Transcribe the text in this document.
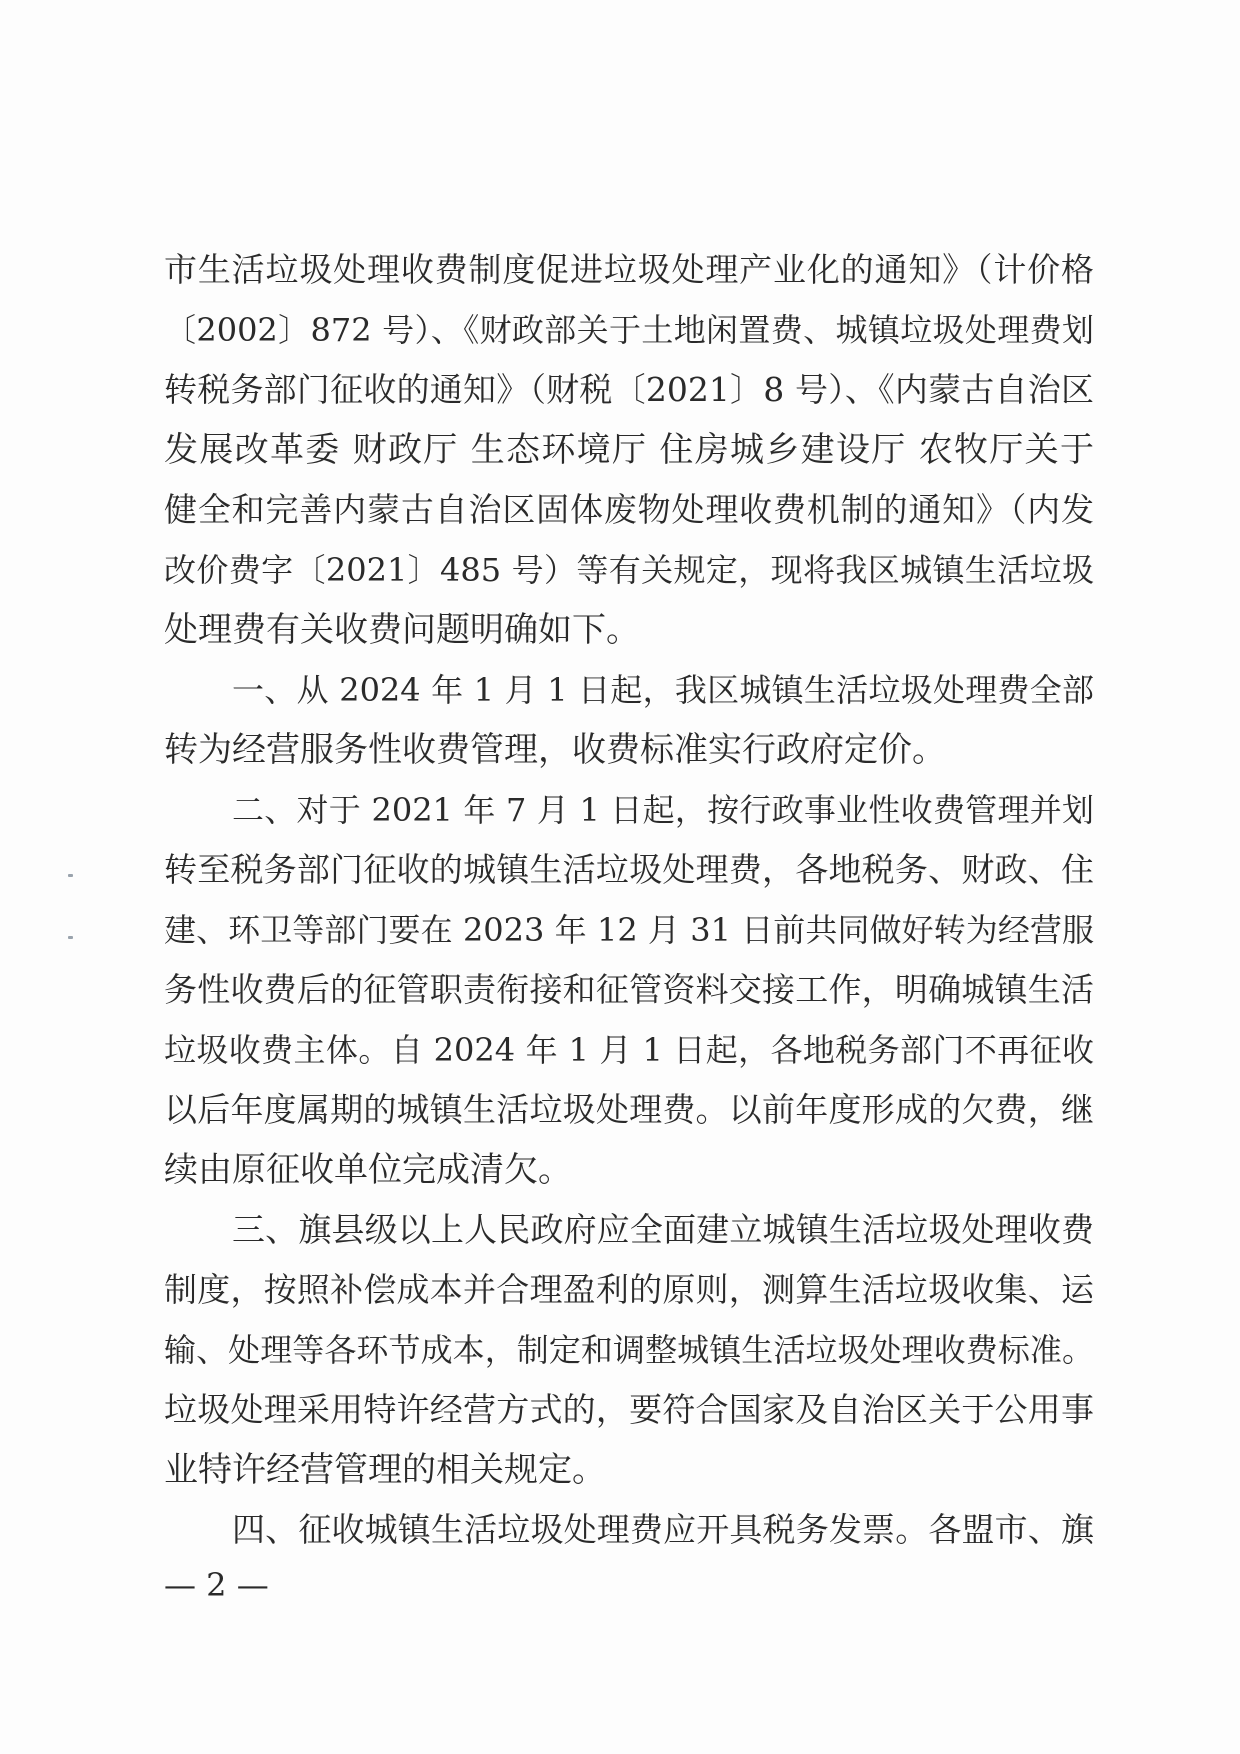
市生活垃圾处理收费制度促进垃圾处理产业化的通知》（计价格
〔2002〕872 号）、《财政部关于土地闲置费、城镇垃圾处理费划
转税务部门征收的通知》（财税〔2021〕8 号）、《内蒙古自治区
发展改革委 财政厅 生态环境厅 住房城乡建设厅 农牧厅关于
健全和完善内蒙古自治区固体废物处理收费机制的通知》（内发
改价费字〔2021〕485 号）等有关规定，现将我区城镇生活垃圾
处理费有关收费问题明确如下。
一、从 2024 年 1 月 1 日起，我区城镇生活垃圾处理费全部
转为经营服务性收费管理，收费标准实行政府定价。
二、对于 2021 年 7 月 1 日起，按行政事业性收费管理并划
转至税务部门征收的城镇生活垃圾处理费，各地税务、财政、住
建、环卫等部门要在 2023 年 12 月 31 日前共同做好转为经营服
务性收费后的征管职责衔接和征管资料交接工作，明确城镇生活
垃圾收费主体。自 2024 年 1 月 1 日起，各地税务部门不再征收
以后年度属期的城镇生活垃圾处理费。以前年度形成的欠费，继
续由原征收单位完成清欠。
三、旗县级以上人民政府应全面建立城镇生活垃圾处理收费
制度，按照补偿成本并合理盈利的原则，测算生活垃圾收集、运
输、处理等各环节成本，制定和调整城镇生活垃圾处理收费标准。
垃圾处理采用特许经营方式的，要符合国家及自治区关于公用事
业特许经营管理的相关规定。
四、征收城镇生活垃圾处理费应开具税务发票。各盟市、旗
— 2 —
